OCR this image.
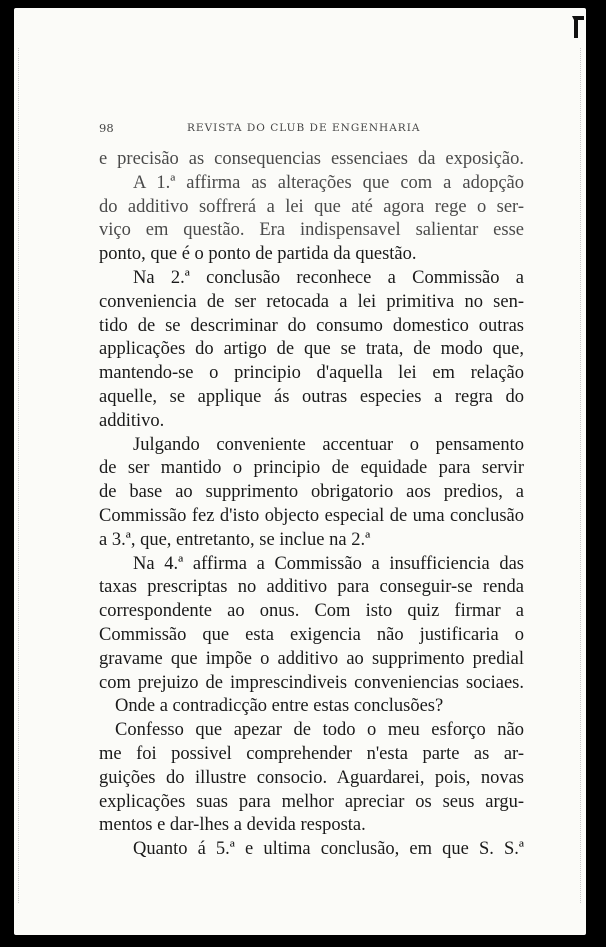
98	REVISTA DO CLUB DE ENGENHARIA
e precisão as consequencias essenciaes da exposição.
A 1.ª affirma as alterações que com a adopção
do additivo soffrerá a lei que até agora rege o ser-
viço em questão. Era indispensavel salientar esse
ponto, que é o ponto de partida da questão.
Na 2.ª conclusão reconhece a Commissão a
conveniencia de ser retocada a lei primitiva no sen-
tido de se descriminar do consumo domestico outras
applicações do artigo de que se trata, de modo que,
mantendo-se o principio d'aquella lei em relação
aquelle, se applique ás outras especies a regra do
additivo.
Julgando conveniente accentuar o pensamento
de ser mantido o principio de equidade para servir
de base ao supprimento obrigatorio aos predios, a
Commissão fez d'isto objecto especial de uma conclusão
a 3.ª, que, entretanto, se inclue na 2.ª
Na 4.ª affirma a Commissão a insufficiencia das
taxas prescriptas no additivo para conseguir-se renda
correspondente ao onus. Com isto quiz firmar a
Commissão que esta exigencia não justificaria o
gravame que impõe o additivo ao supprimento predial
com prejuizo de imprescindiveis conveniencias sociaes.
Onde a contradicção entre estas conclusões?
Confesso que apezar de todo o meu esforço não
me foi possivel comprehender n'esta parte as ar-
guições do illustre consocio. Aguardarei, pois, novas
explicações suas para melhor apreciar os seus argu-
mentos e dar-lhes a devida resposta.
Quanto á 5.ª e ultima conclusão, em que S. S.ª
